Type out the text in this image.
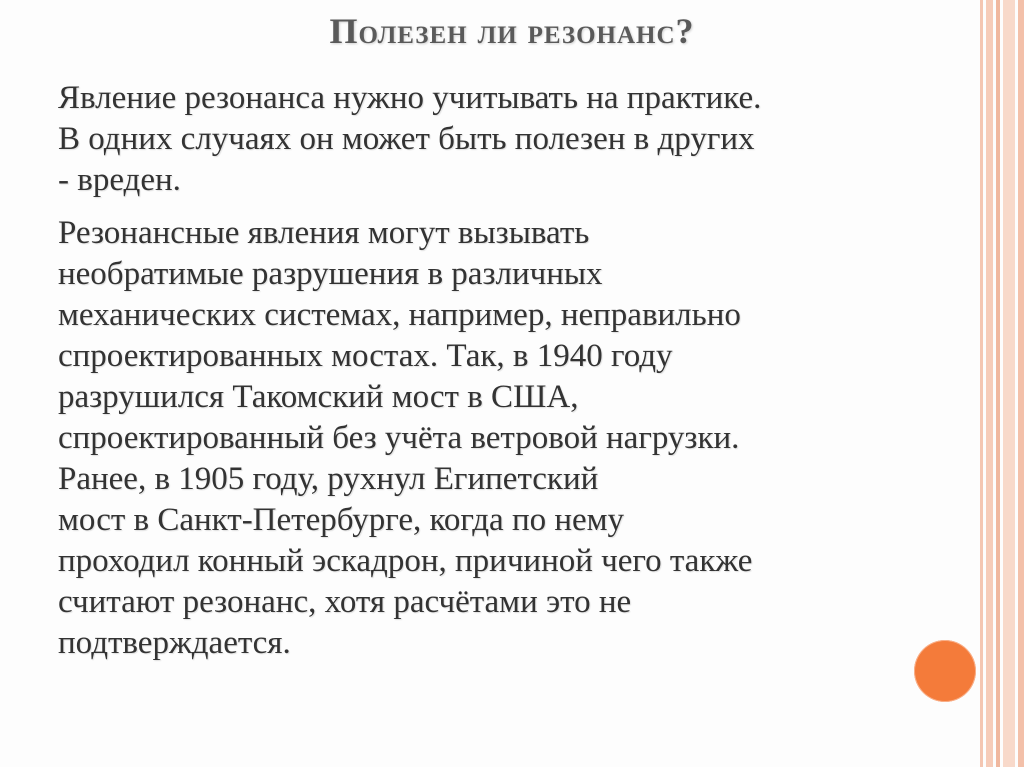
Полезен ли резонанс?

Явление резонанса нужно учитывать на практике.
В одних случаях он может быть полезен в других
- вреден.

Резонансные явления могут вызывать
необратимые разрушения в различных
механических системах, например, неправильно
спроектированных мостах. Так, в 1940 году
разрушился Такомский мост в США,
спроектированный без учёта ветровой нагрузки.
Ранее, в 1905 году, рухнул Египетский
мост в Санкт-Петербурге, когда по нему
проходил конный эскадрон, причиной чего также
считают резонанс, хотя расчётами это не
подтверждается.
